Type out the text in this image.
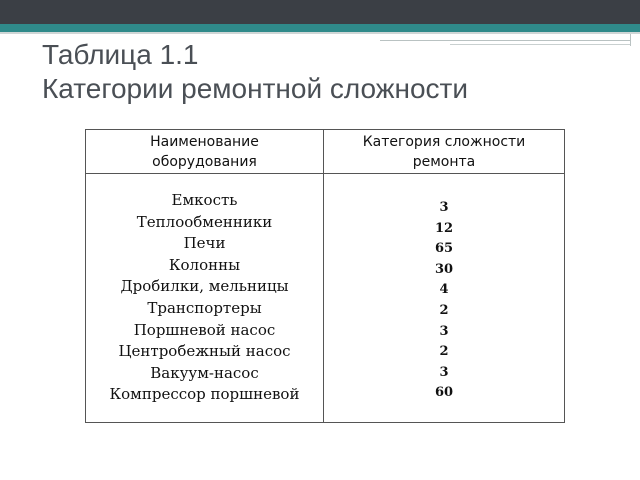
Таблица 1.1
Категории ремонтной сложности
Наименование
оборудования
Категория сложности
ремонта
Емкость
Теплообменники
Печи
Колонны
Дробилки, мельницы
Транспортеры
Поршневой насос
Центробежный насос
Вакуум-насос
Компрессор поршневой
3
12
65
30
4
2
3
2
3
60
